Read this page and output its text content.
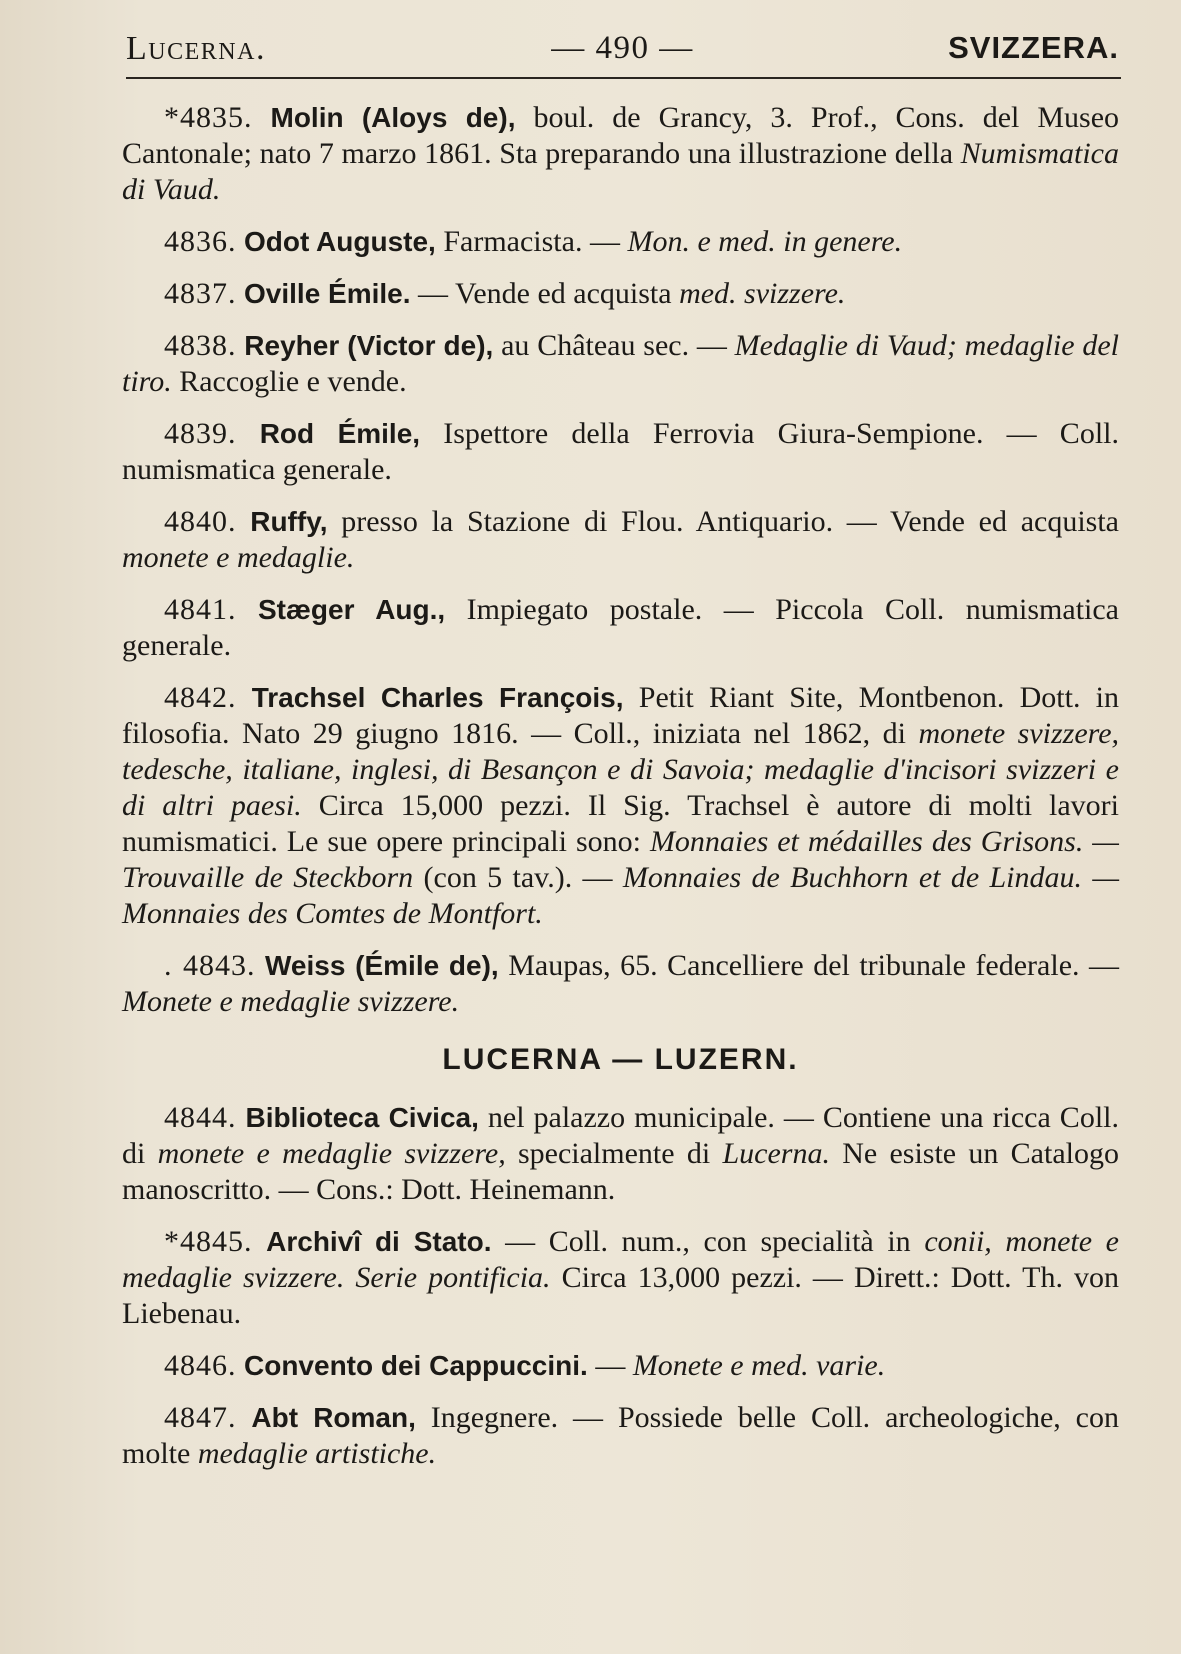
Lucerna.	— 490 —	SVIZZERA.

*4835. Molin (Aloys de), boul. de Grancy, 3. Prof., Cons. del Museo Cantonale; nato 7 marzo 1861. Sta preparando una illustrazione della Numismatica di Vaud.

4836. Odot Auguste, Farmacista. — Mon. e med. in genere.

4837. Oville Émile. — Vende ed acquista med. svizzere.

4838. Reyher (Victor de), au Château sec. — Medaglie di Vaud; medaglie del tiro. Raccoglie e vende.

4839. Rod Émile, Ispettore della Ferrovia Giura-Sempione. — Coll. numismatica generale.

4840. Ruffy, presso la Stazione di Flou. Antiquario. — Vende ed acquista monete e medaglie.

4841. Stæger Aug., Impiegato postale. — Piccola Coll. numismatica generale.

4842. Trachsel Charles François, Petit Riant Site, Montbenon. Dott. in filosofia. Nato 29 giugno 1816. — Coll., iniziata nel 1862, di monete svizzere, tedesche, italiane, inglesi, di Besançon e di Savoia; medaglie d'incisori svizzeri e di altri paesi. Circa 15,000 pezzi. Il Sig. Trachsel è autore di molti lavori numismatici. Le sue opere principali sono: Monnaies et médailles des Grisons. — Trouvaille de Steckborn (con 5 tav.). — Monnaies de Buchhorn et de Lindau. — Monnaies des Comtes de Montfort.

. 4843. Weiss (Émile de), Maupas, 65. Cancelliere del tribunale federale. — Monete e medaglie svizzere.

LUCERNA — LUZERN.

4844. Biblioteca Civica, nel palazzo municipale. — Contiene una ricca Coll. di monete e medaglie svizzere, specialmente di Lucerna. Ne esiste un Catalogo manoscritto. — Cons.: Dott. Heinemann.

*4845. Archivî di Stato. — Coll. num., con specialità in conii, monete e medaglie svizzere. Serie pontificia. Circa 13,000 pezzi. — Dirett.: Dott. Th. von Liebenau.

4846. Convento dei Cappuccini. — Monete e med. varie.

4847. Abt Roman, Ingegnere. — Possiede belle Coll. archeologiche, con molte medaglie artistiche.
